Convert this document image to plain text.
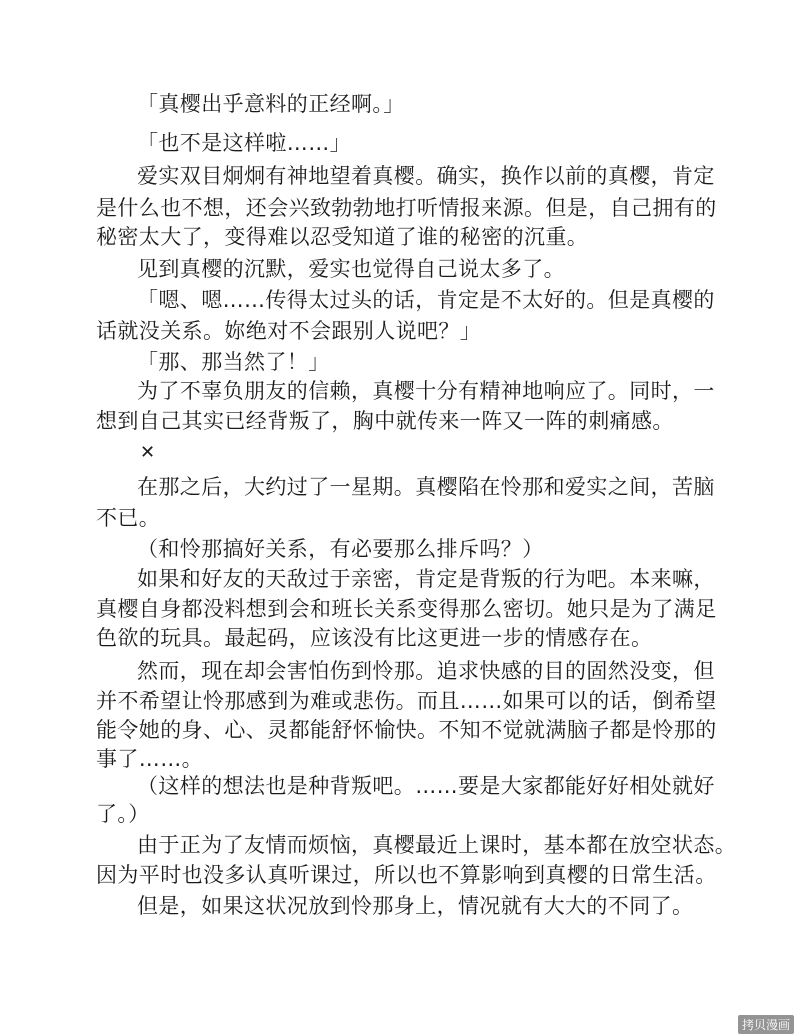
「真樱出乎意料的正经啊。」
「也不是这样啦……」
爱实双目炯炯有神地望着真樱。确实，换作以前的真樱，肯定
是什么也不想，还会兴致勃勃地打听情报来源。但是，自己拥有的
秘密太大了，变得难以忍受知道了谁的秘密的沉重。
见到真樱的沉默，爱实也觉得自己说太多了。
「嗯、嗯……传得太过头的话，肯定是不太好的。但是真樱的
话就没关系。妳绝对不会跟别人说吧？」
「那、那当然了！」
为了不辜负朋友的信赖，真樱十分有精神地响应了。同时，一
想到自己其实已经背叛了，胸中就传来一阵又一阵的刺痛感。
✕
在那之后，大约过了一星期。真樱陷在怜那和爱实之间，苦脑
不已。
（和怜那搞好关系，有必要那么排斥吗？）
如果和好友的天敌过于亲密，肯定是背叛的行为吧。本来嘛，
真樱自身都没料想到会和班长关系变得那么密切。她只是为了满足
色欲的玩具。最起码，应该没有比这更进一步的情感存在。
然而，现在却会害怕伤到怜那。追求快感的目的固然没变，但
并不希望让怜那感到为难或悲伤。而且……如果可以的话，倒希望
能令她的身、心、灵都能舒怀愉快。不知不觉就满脑子都是怜那的
事了……。
（这样的想法也是种背叛吧。……要是大家都能好好相处就好
了。）
由于正为了友情而烦恼，真樱最近上课时，基本都在放空状态。
因为平时也没多认真听课过，所以也不算影响到真樱的日常生活。
但是，如果这状况放到怜那身上，情况就有大大的不同了。
拷贝漫画
